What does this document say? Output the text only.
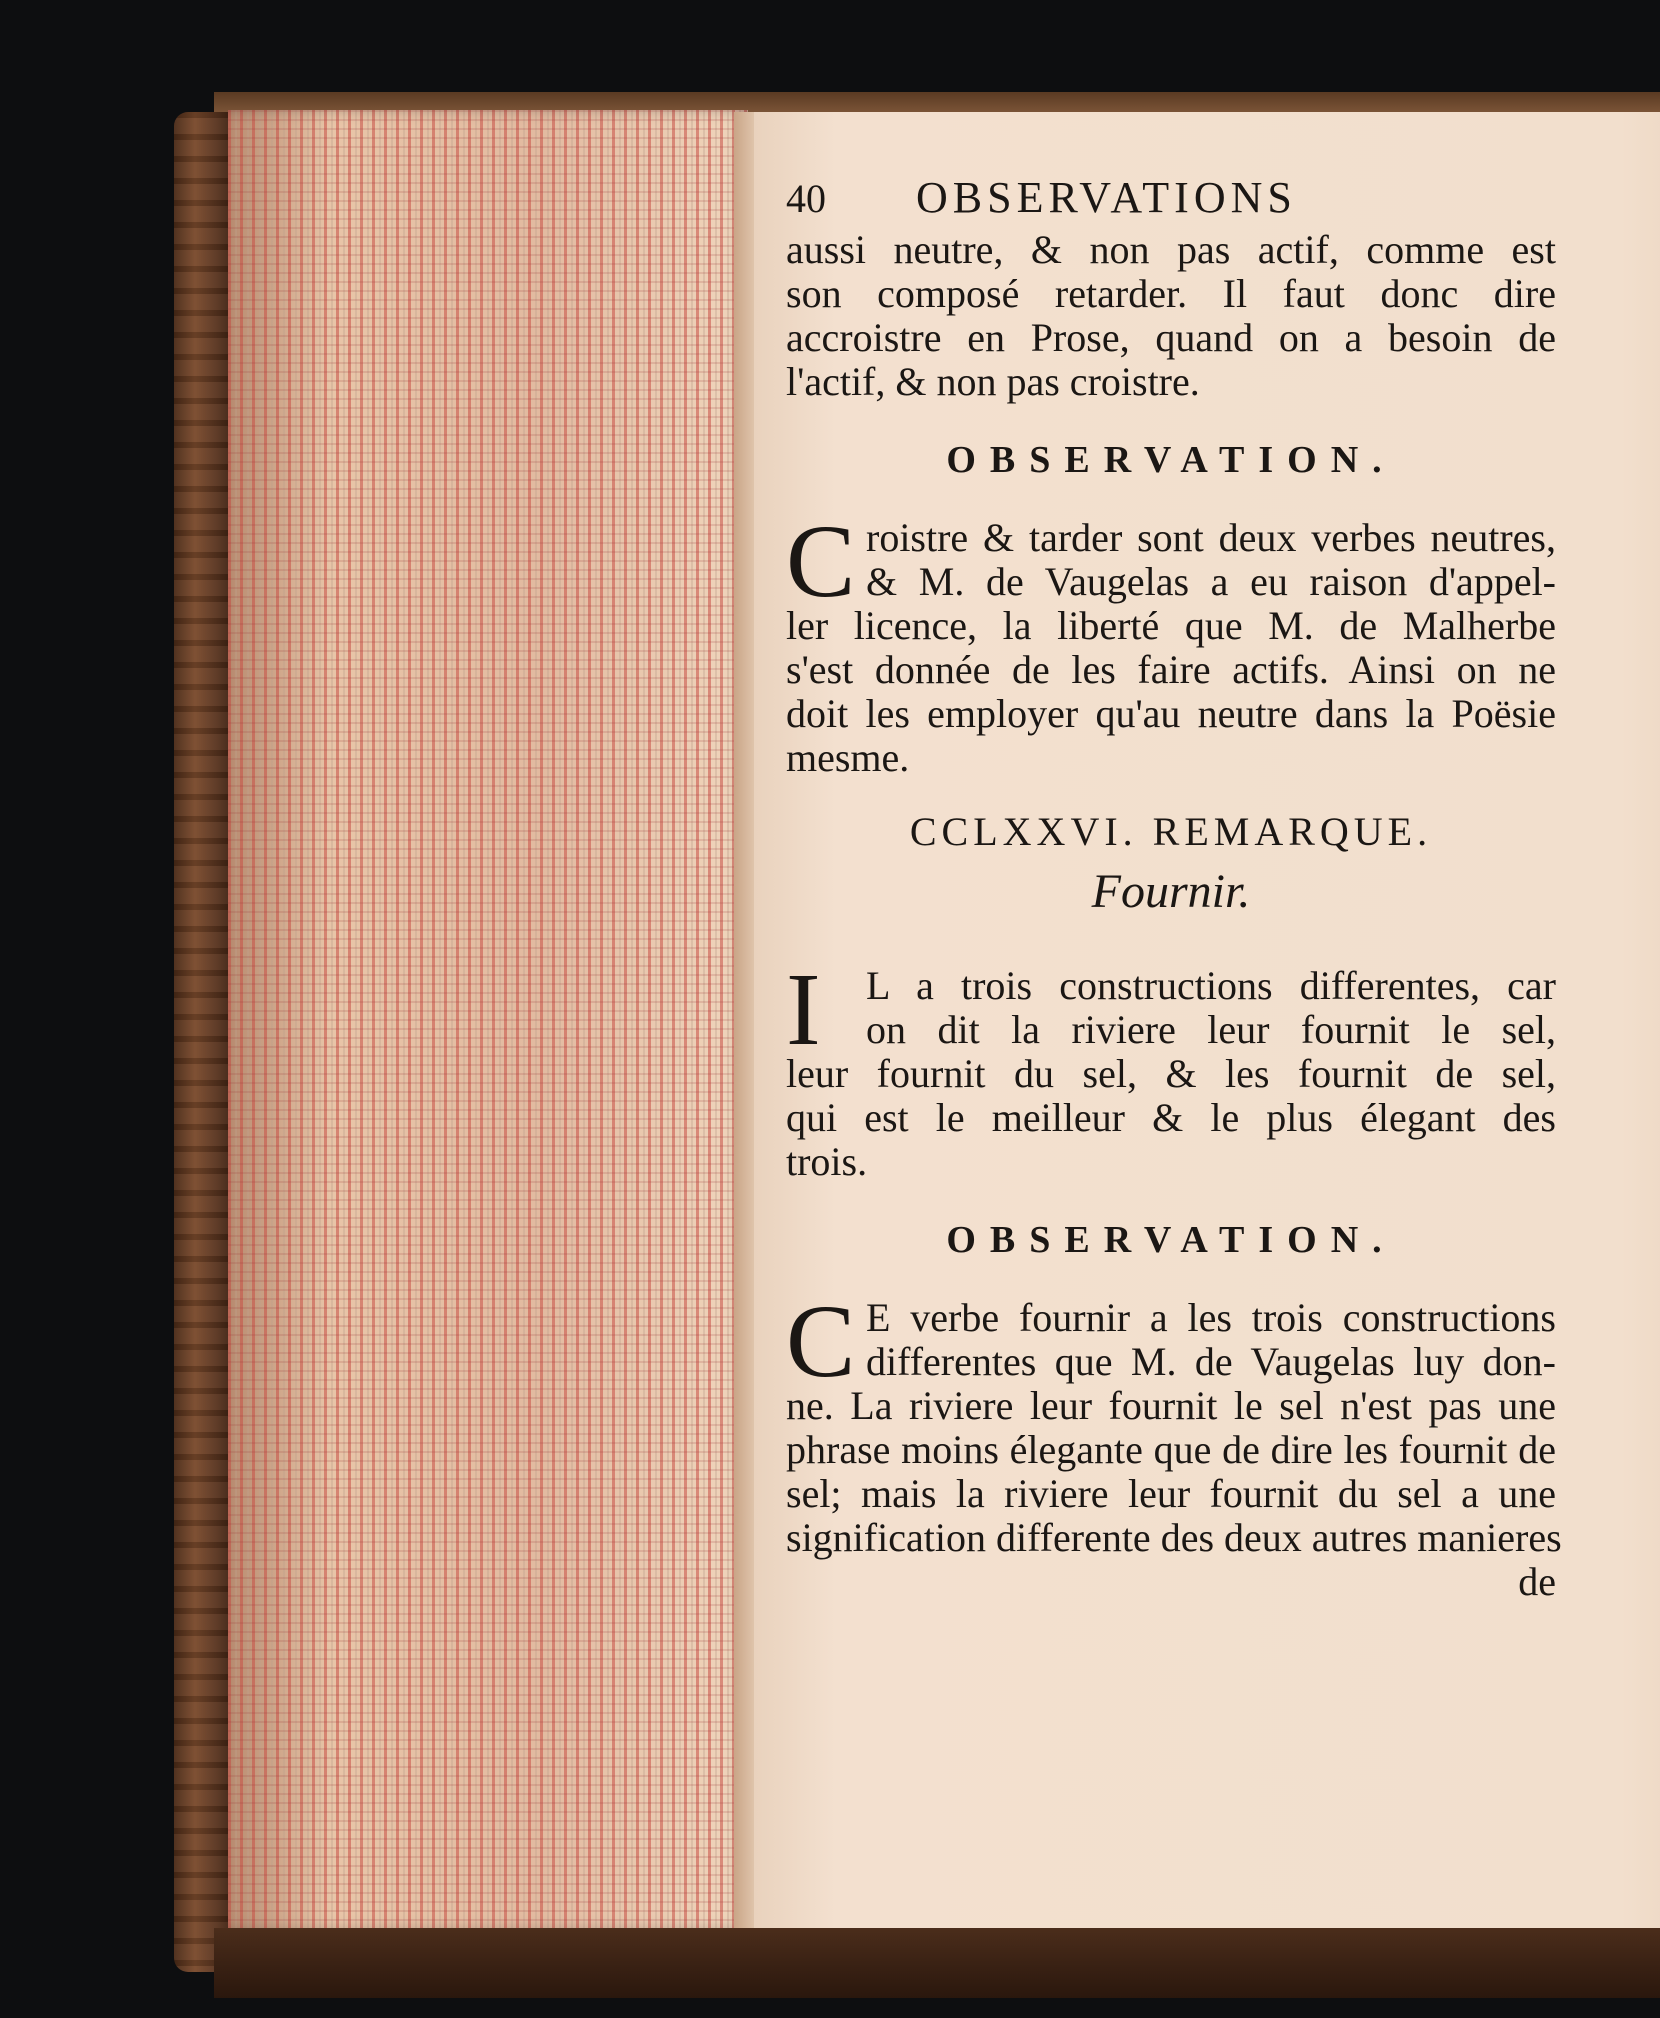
40	OBSERVATIONS
aussi neutre, & non pas actif, comme est
son composé retarder. Il faut donc dire
accroistre en Prose, quand on a besoin de
l'actif, & non pas croistre.
OBSERVATION.
C roistre & tarder sont deux verbes neutres,
& M. de Vaugelas a eu raison d'appel-
ler licence, la liberté que M. de Malherbe
s'est donnée de les faire actifs. Ainsi on ne
doit les employer qu'au neutre dans la Poësie
mesme.
CCLXXVI. REMARQUE.
Fournir.
I	L a trois constructions differentes, car
on dit la riviere leur fournit le sel,
leur fournit du sel, & les fournit de sel,
qui est le meilleur & le plus élegant des
trois.
OBSERVATION.
C E verbe fournir a les trois constructions
differentes que M. de Vaugelas luy don-
ne. La riviere leur fournit le sel n'est pas une
phrase moins élegante que de dire les fournit de
sel; mais la riviere leur fournit du sel a une
signification differente des deux autres manieres
de
